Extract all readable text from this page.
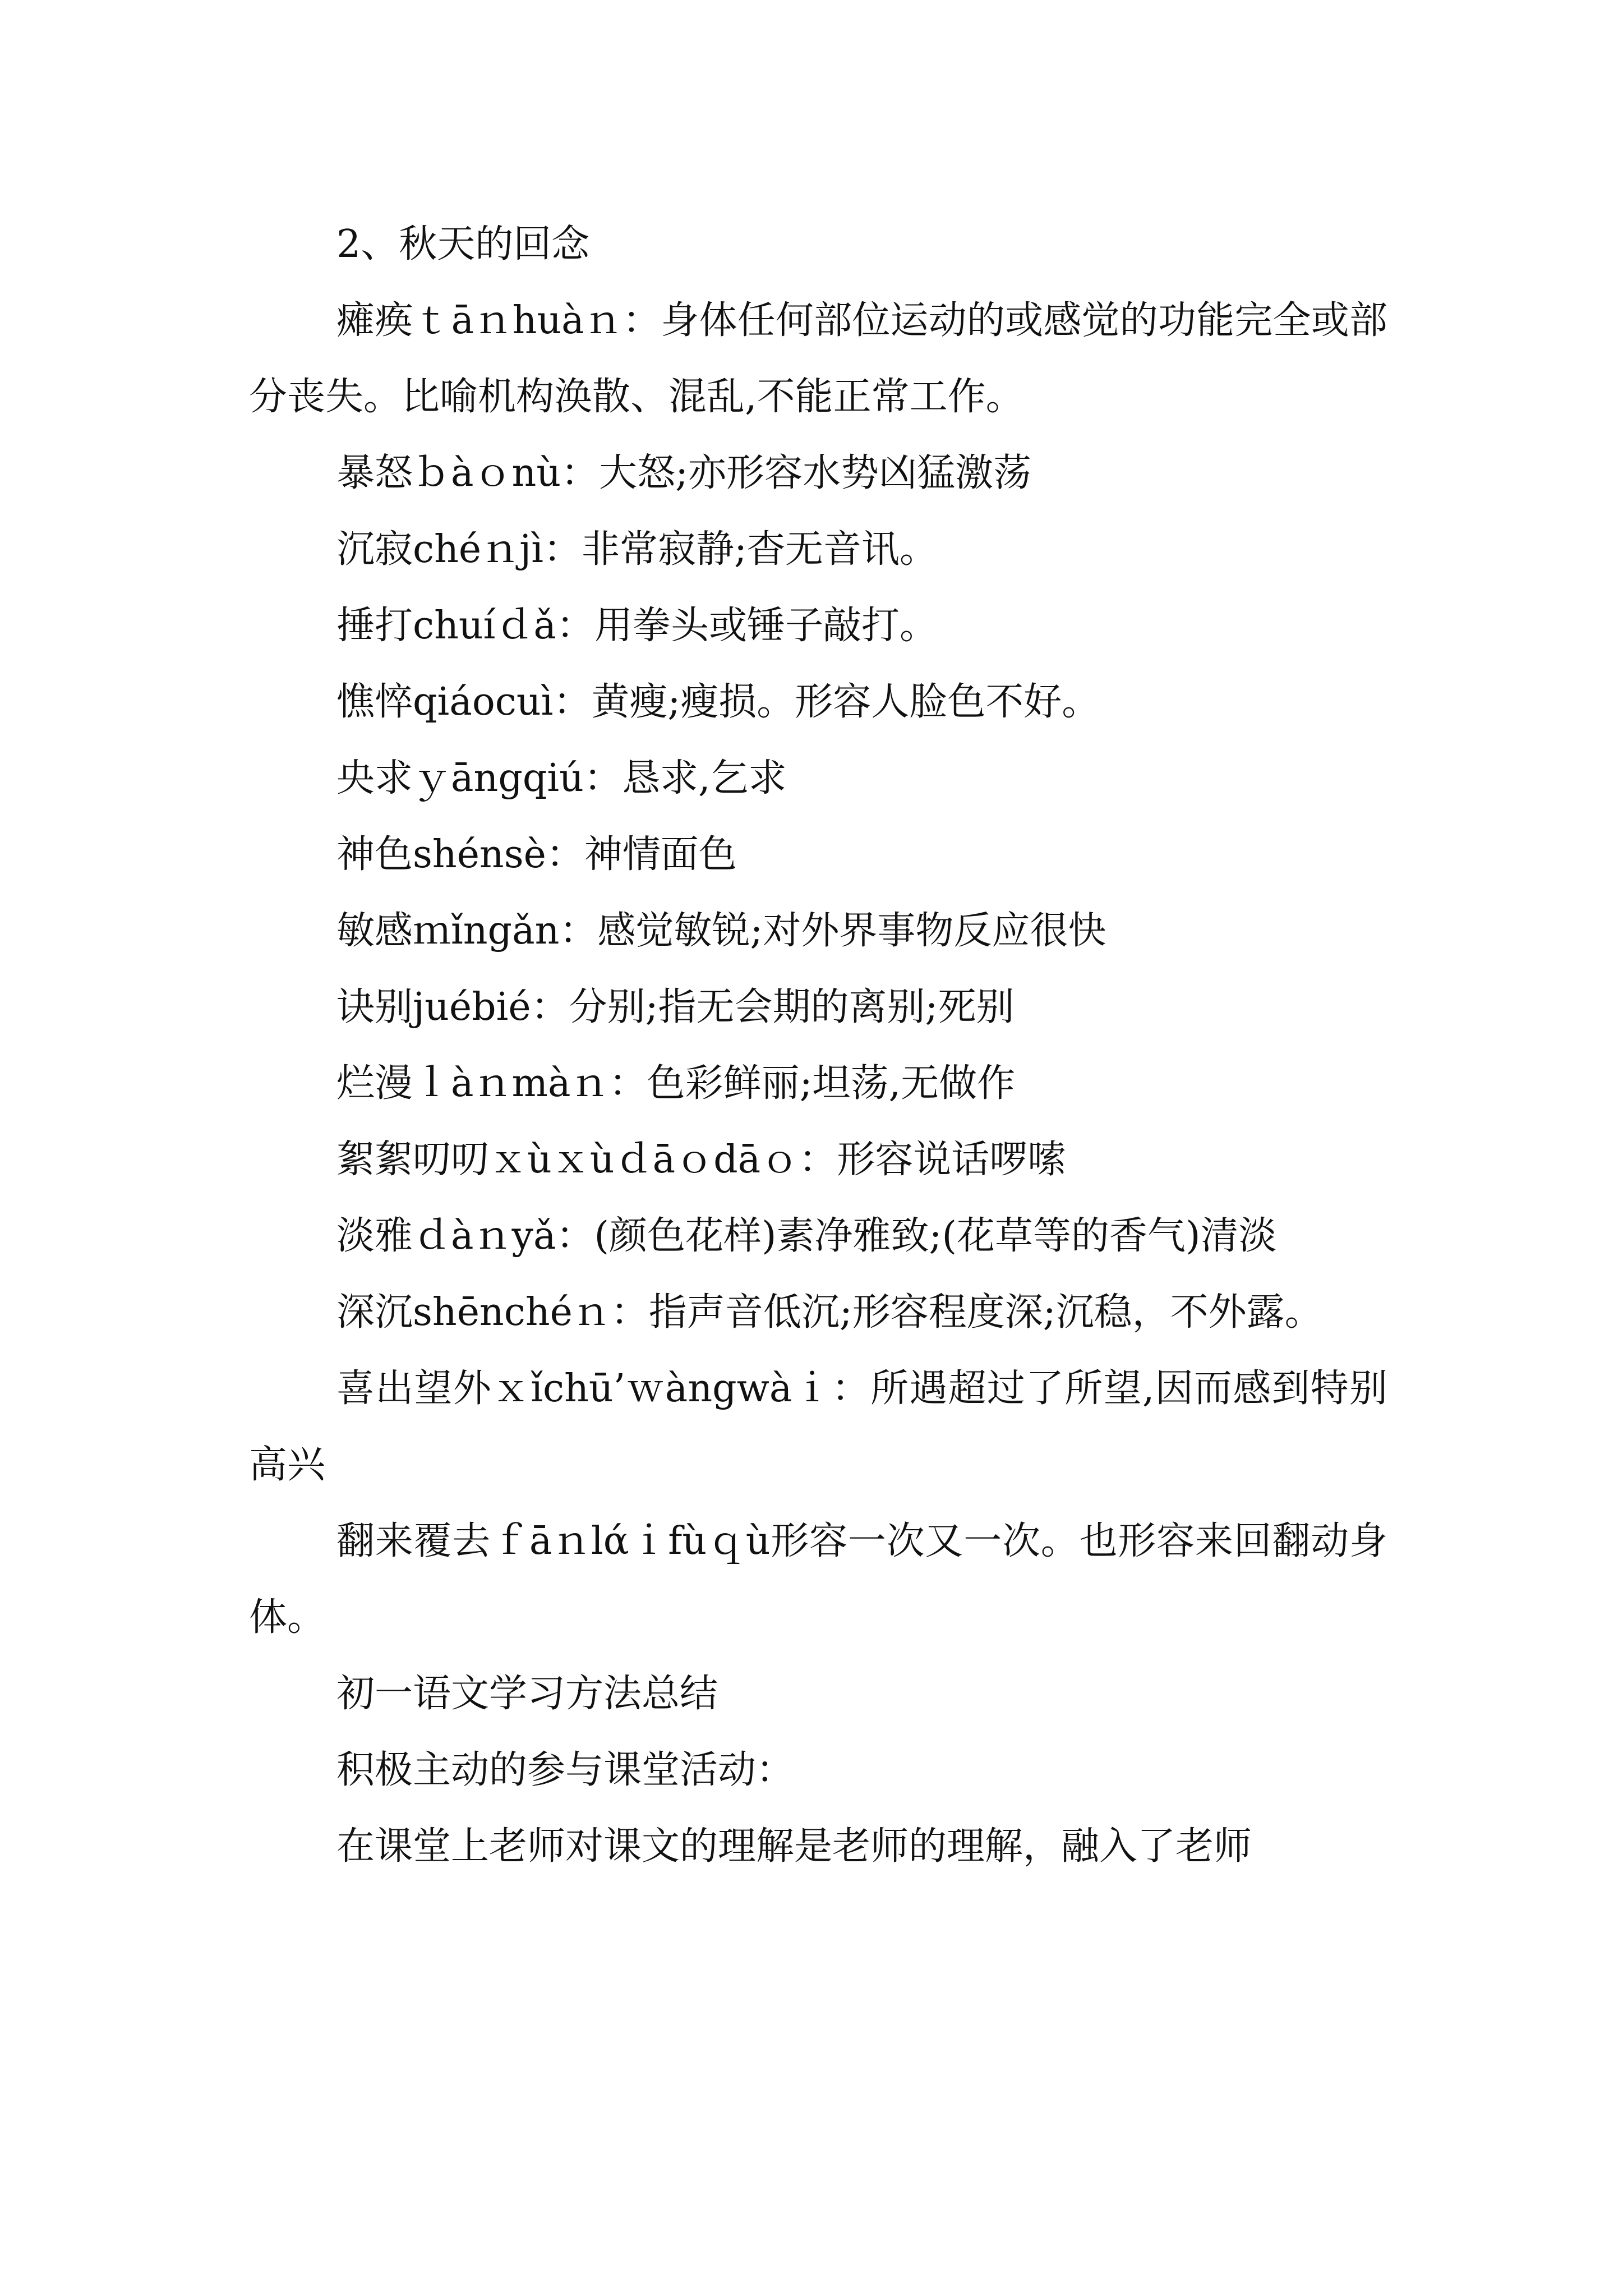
2、秋天的回念

瘫痪ｔāｎhuàｎ：身体任何部位运动的或感觉的功能完全或部分丧失。比喻机构涣散、混乱,不能正常工作。

暴怒ｂàｏnù：大怒;亦形容水势凶猛激荡

沉寂chéｎjì：非常寂静;杳无音讯。

捶打chuíｄǎ：用拳头或锤子敲打。

憔悴qiáocuì：黄瘦;瘦损。形容人脸色不好。

央求ｙāngqiú：恳求,乞求

神色shénsè：神情面色

敏感ｍǐngǎn：感觉敏锐;对外界事物反应很快

诀别juébié：分别;指无会期的离别;死别

烂漫ｌàｎmàｎ：色彩鲜丽;坦荡,无做作

絮絮叨叨ｘùｘùｄāｏdāｏ：形容说话啰嗦

淡雅ｄàｎyǎ：(颜色花样)素净雅致;(花草等的香气)清淡

深沉shēnchéｎ：指声音低沉;形容程度深;沉稳，不外露。

喜出望外ｘǐchū’ｗàngwàｉ：所遇超过了所望,因而感到特别高兴

翻来覆去ｆāｎlάｉfùｑù形容一次又一次。也形容来回翻动身体。

初一语文学习方法总结

积极主动的参与课堂活动：

在课堂上老师对课文的理解是老师的理解，融入了老师
